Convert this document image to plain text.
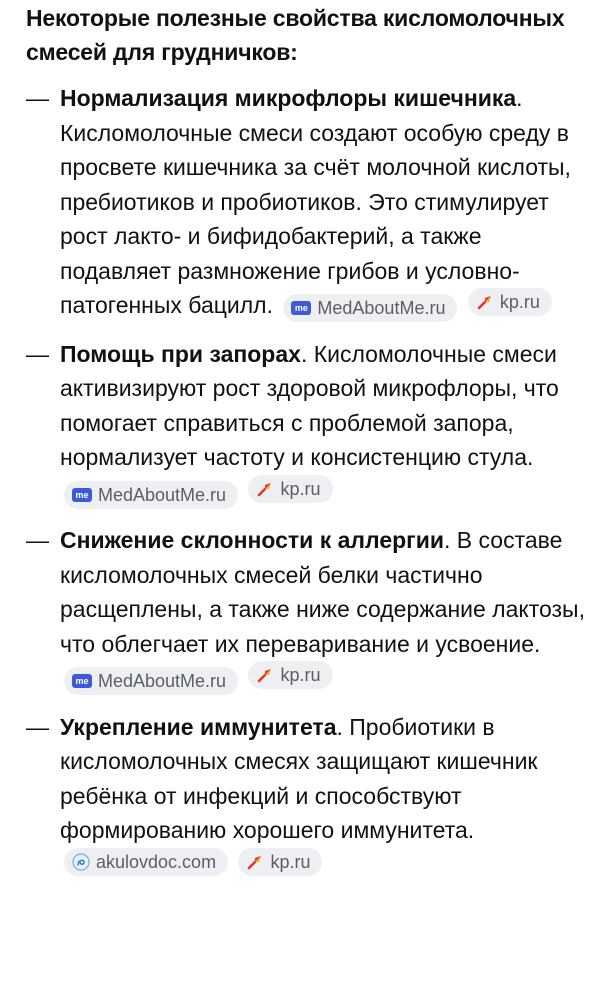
Некоторые полезные свойства кисломолочных смесей для грудничков:
— Нормализация микрофлоры кишечника. Кисломолочные смеси создают особую среду в просвете кишечника за счёт молочной кислоты, пребиотиков и пробиотиков. Это стимулирует рост лакто- и бифидобактерий, а также подавляет размножение грибов и условно-патогенных бацилл.	me MedAboutMe.ru
	kp.ru
— Помощь при запорах. Кисломолочные смеси активизируют рост здоровой микрофлоры, что помогает справиться с проблемой запора, нормализует частоту и консистенцию стула.
me MedAboutMe.ru
	kp.ru
— Снижение склонности к аллергии. В составе кисломолочных смесей белки частично расщеплены, а также ниже содержание лактозы, что облегчает их переваривание и усвоение.
me MedAboutMe.ru
	kp.ru
— Укрепление иммунитета. Пробиотики в кисломолочных смесях защищают кишечник ребёнка от инфекций и способствуют формированию хорошего иммунитета.
akulovdoc.com
	kp.ru
